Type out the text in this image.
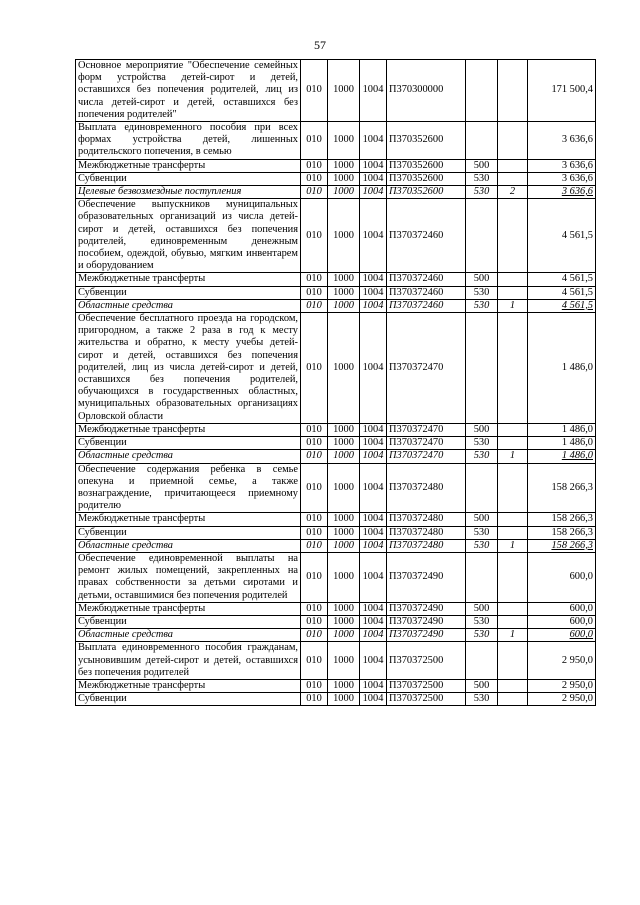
57
Основное мероприятие "Обеспечение семейных форм устройства детей-сирот и детей, оставшихся без попечения родителей, лиц из числа детей-сирот и детей, оставшихся без попечения родителей"	010	1000	1004	П370300000			171 500,4
Выплата единовременного пособия при всех формах устройства детей, лишенных родительского попечения, в семью	010	1000	1004	П370352600			3 636,6
Межбюджетные трансферты	010	1000	1004	П370352600	500		3 636,6
Субвенции	010	1000	1004	П370352600	530		3 636,6
Целевые безвозмездные поступления	010	1000	1004	П370352600	530	2	3 636,6
Обеспечение выпускников муниципальных образовательных организаций из числа детей-сирот и детей, оставшихся без попечения родителей, единовременным денежным пособием, одеждой, обувью, мягким инвентарем и оборудованием	010	1000	1004	П370372460			4 561,5
Межбюджетные трансферты	010	1000	1004	П370372460	500		4 561,5
Субвенции	010	1000	1004	П370372460	530		4 561,5
Областные средства	010	1000	1004	П370372460	530	1	4 561,5
Обеспечение бесплатного проезда на городском, пригородном, а также 2 раза в год к месту жительства и обратно, к месту учебы детей-сирот и детей, оставшихся без попечения родителей, лиц из числа детей-сирот и детей, оставшихся без попечения родителей, обучающихся в государственных областных, муниципальных образовательных организациях Орловской области	010	1000	1004	П370372470			1 486,0
Межбюджетные трансферты	010	1000	1004	П370372470	500		1 486,0
Субвенции	010	1000	1004	П370372470	530		1 486,0
Областные средства	010	1000	1004	П370372470	530	1	1 486,0
Обеспечение содержания ребенка в семье опекуна и приемной семье, а также вознаграждение, причитающееся приемному родителю	010	1000	1004	П370372480			158 266,3
Межбюджетные трансферты	010	1000	1004	П370372480	500		158 266,3
Субвенции	010	1000	1004	П370372480	530		158 266,3
Областные средства	010	1000	1004	П370372480	530	1	158 266,3
Обеспечение единовременной выплаты на ремонт жилых помещений, закрепленных на правах собственности за детьми сиротами и детьми, оставшимися без попечения родителей	010	1000	1004	П370372490			600,0
Межбюджетные трансферты	010	1000	1004	П370372490	500		600,0
Субвенции	010	1000	1004	П370372490	530		600,0
Областные средства	010	1000	1004	П370372490	530	1	600,0
Выплата единовременного пособия гражданам, усыновившим детей-сирот и детей, оставшихся без попечения родителей	010	1000	1004	П370372500			2 950,0
Межбюджетные трансферты	010	1000	1004	П370372500	500		2 950,0
Субвенции	010	1000	1004	П370372500	530		2 950,0
